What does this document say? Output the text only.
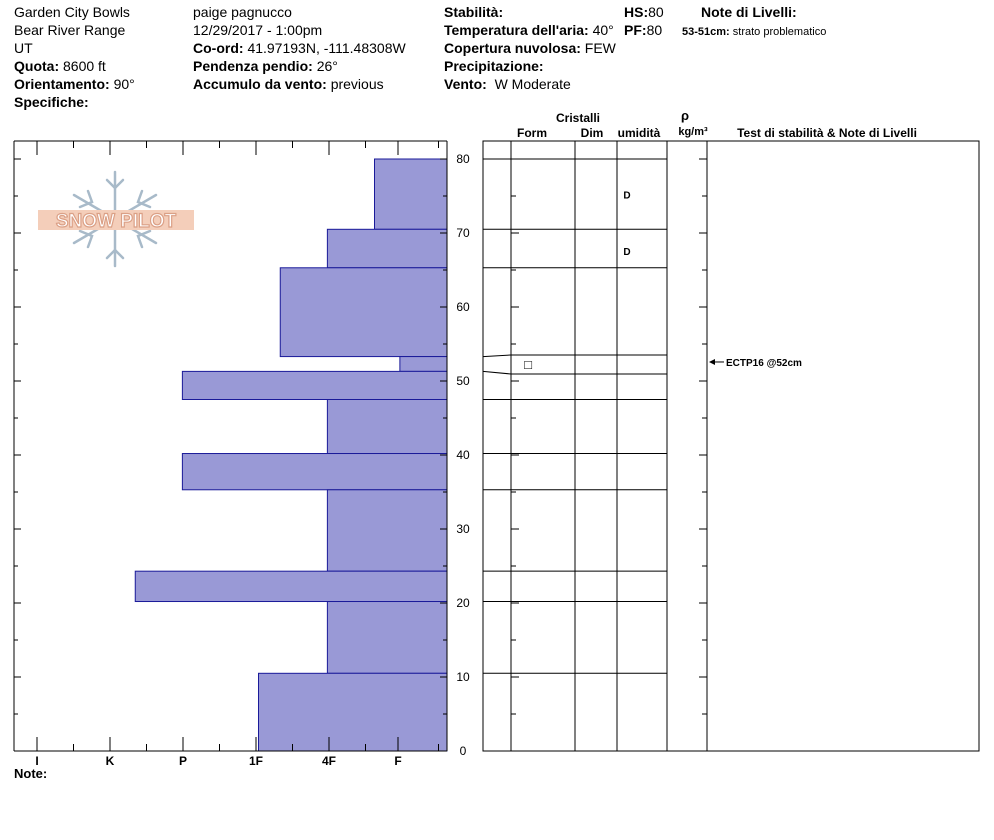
Garden City Bowls
Bear River Range
UT
Quota: 8600 ft
Orientamento: 90°
Specifiche:
paige pagnucco
12/29/2017 - 1:00pm
Co-ord: 41.97193N, -111.48308W
Pendenza pendio: 26°
Accumulo da vento: previous
Stabilità:
Temperatura dell'aria: 40°
Copertura nuvolosa: FEW
Precipitazione:
Vento: W Moderate
HS:80
PF:80
Note di Livelli:
53-51cm: strato problematico
D
D
□	ECTP16 @52cm
SNOW PILOT
I	K	P	1F	4F	F
0
10
20
30
40
50
60
70
80
Cristalli
Form	Dim umidità
ρ
kg/m³ Test di stabilità & Note di Livelli
Note:
